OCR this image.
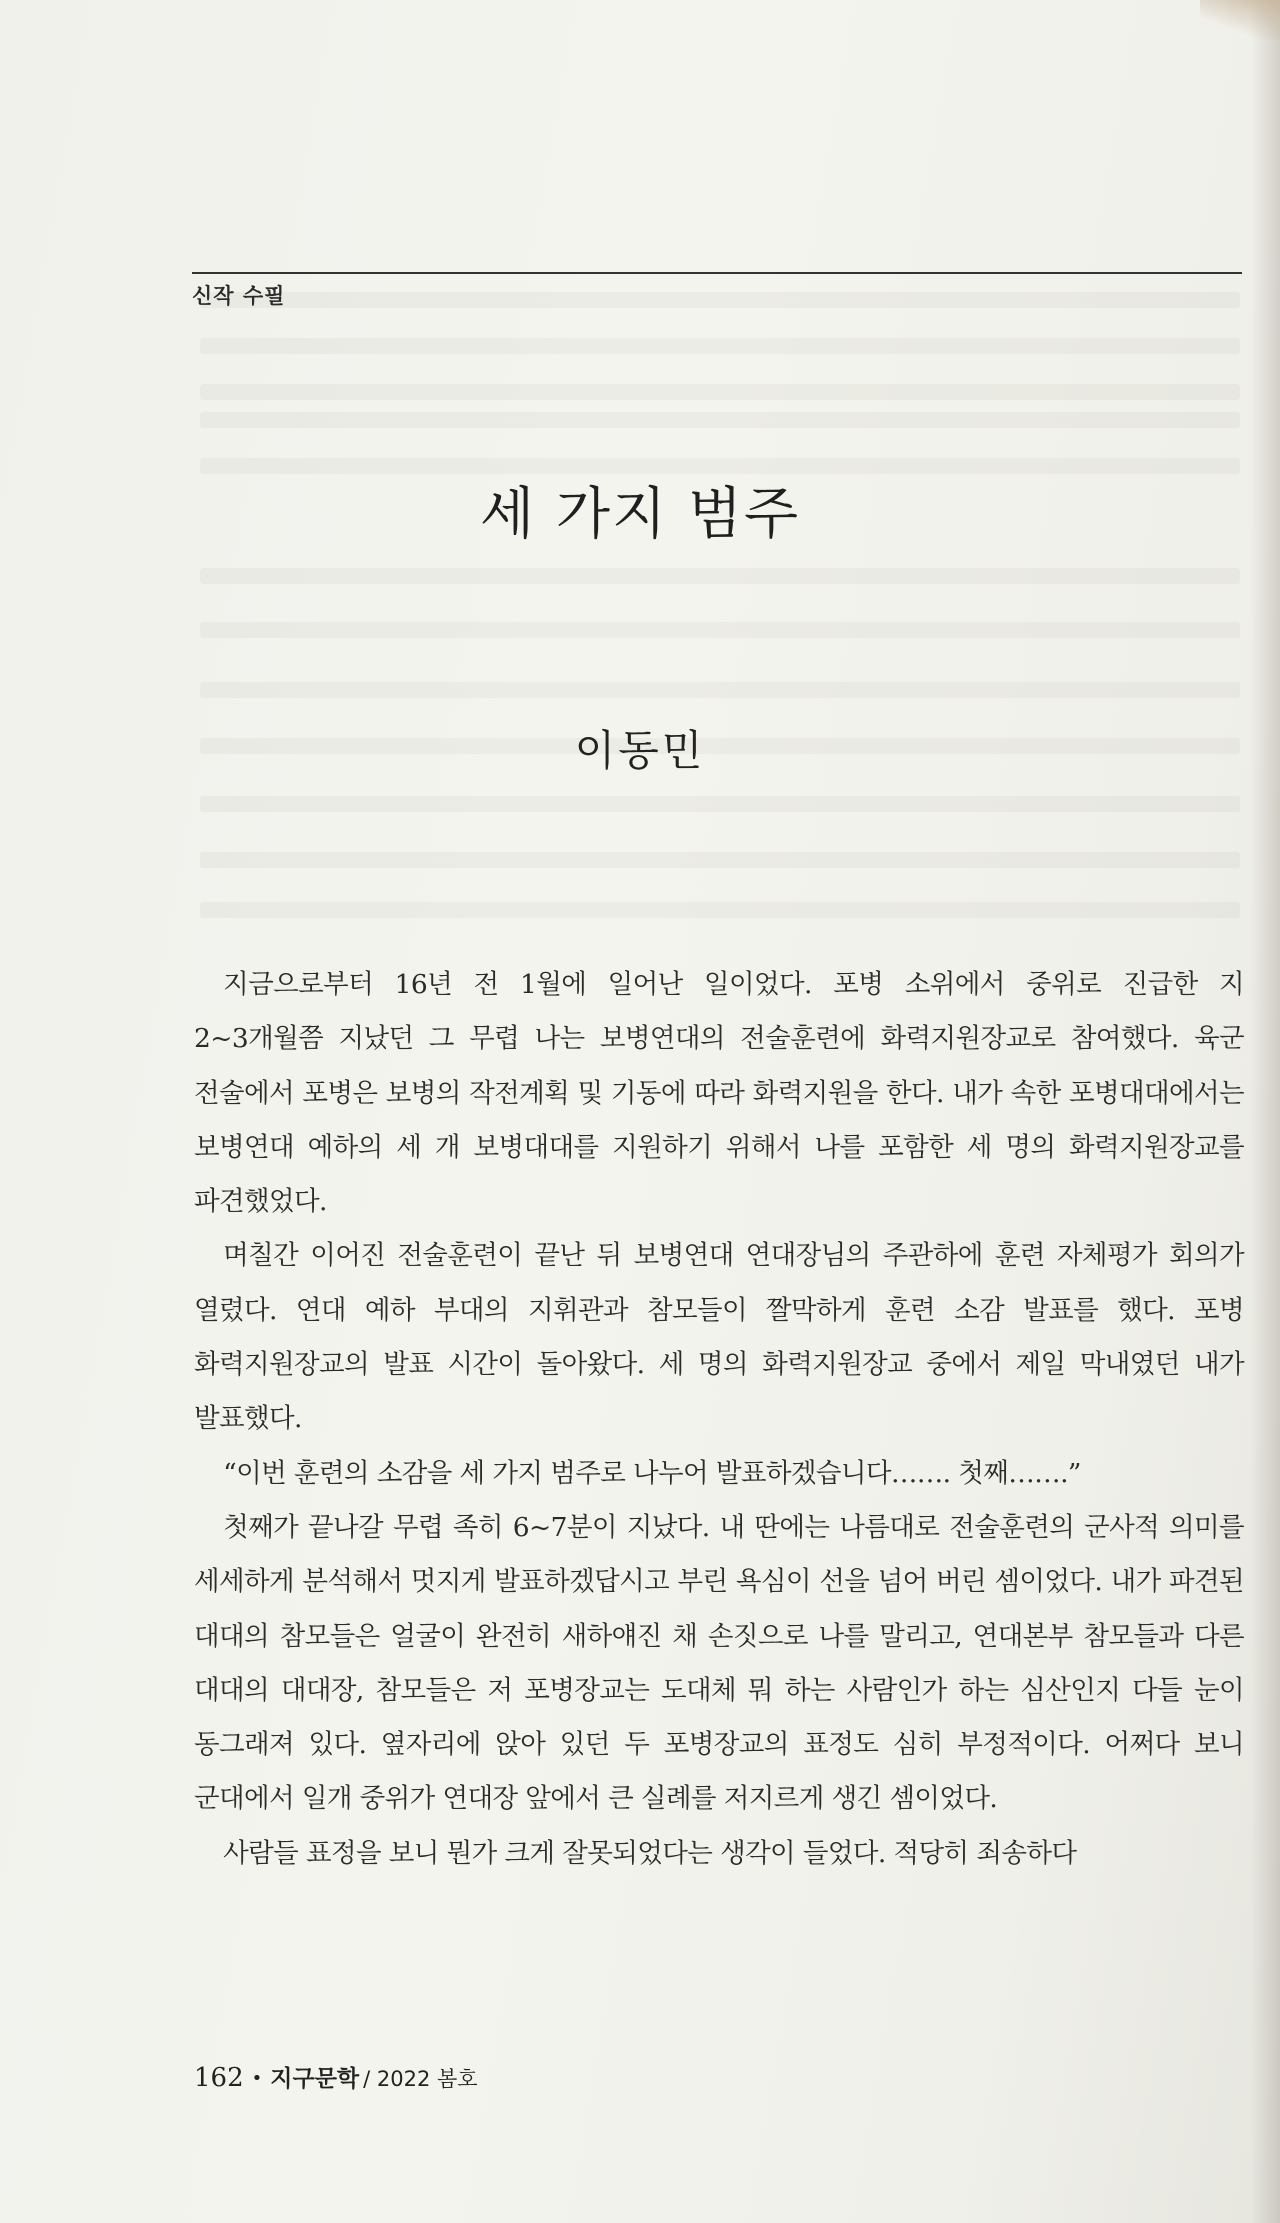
신작 수필
세 가지 범주
이동민

지금으로부터 16년 전 1월에 일어난 일이었다. 포병 소위에서 중위로 진급한 지 2~3개월쯤 지났던 그 무렵 나는 보병연대의 전술훈련에 화력지원장교로 참여했다. 육군 전술에서 포병은 보병의 작전계획 및 기동에 따라 화력지원을 한다. 내가 속한 포병대대에서는 보병연대 예하의 세 개 보병대대를 지원하기 위해서 나를 포함한 세 명의 화력지원장교를 파견했었다.

며칠간 이어진 전술훈련이 끝난 뒤 보병연대 연대장님의 주관하에 훈련 자체평가 회의가 열렸다. 연대 예하 부대의 지휘관과 참모들이 짤막하게 훈련 소감 발표를 했다. 포병 화력지원장교의 발표 시간이 돌아왔다. 세 명의 화력지원장교 중에서 제일 막내였던 내가 발표했다.

“이번 훈련의 소감을 세 가지 범주로 나누어 발표하겠습니다……. 첫째…….”

첫째가 끝나갈 무렵 족히 6~7분이 지났다. 내 딴에는 나름대로 전술훈련의 군사적 의미를 세세하게 분석해서 멋지게 발표하겠답시고 부린 욕심이 선을 넘어 버린 셈이었다. 내가 파견된 대대의 참모들은 얼굴이 완전히 새하얘진 채 손짓으로 나를 말리고, 연대본부 참모들과 다른 대대의 대대장, 참모들은 저 포병장교는 도대체 뭐 하는 사람인가 하는 심산인지 다들 눈이 동그래져 있다. 옆자리에 앉아 있던 두 포병장교의 표정도 심히 부정적이다. 어쩌다 보니 군대에서 일개 중위가 연대장 앞에서 큰 실례를 저지르게 생긴 셈이었다.

사람들 표정을 보니 뭔가 크게 잘못되었다는 생각이 들었다. 적당히 죄송하다

162 • 지구문학 / 2022 봄호
